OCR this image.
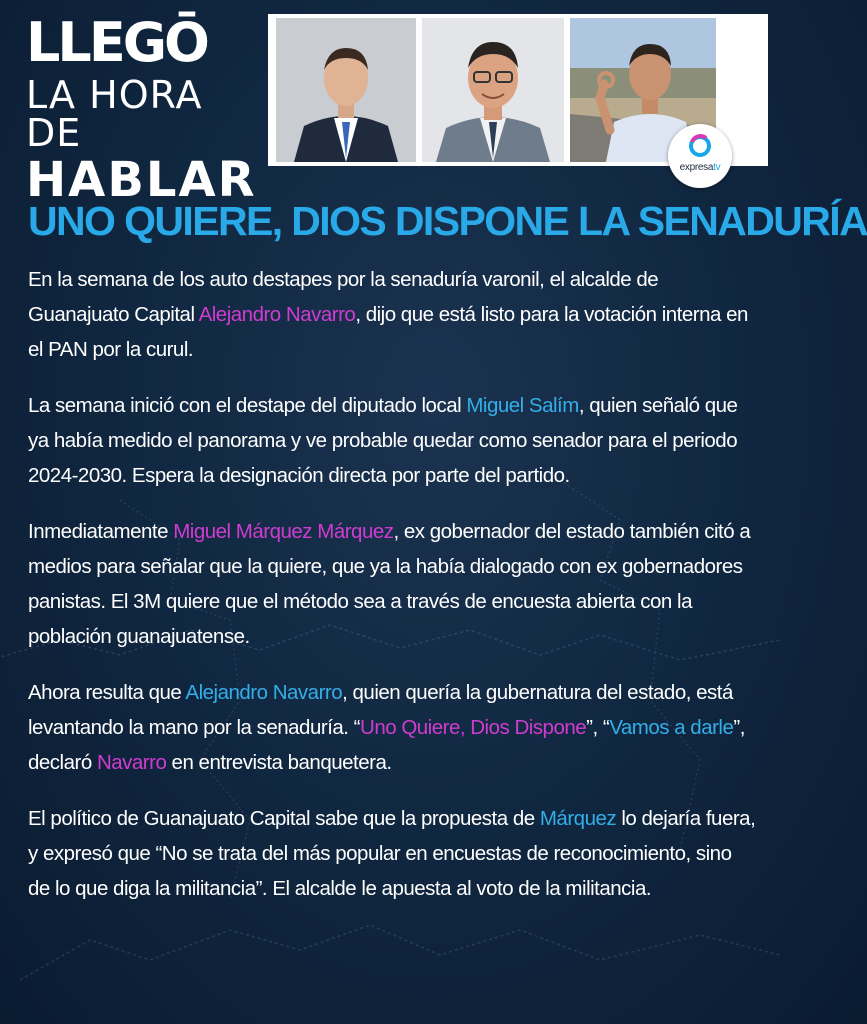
LLEGŌ
LA HORA DE
HABLAR	expresatv
UNO QUIERE, DIOS DISPONE LA SENADURÍA

En la semana de los auto destapes por la senaduría varonil, el alcalde de Guanajuato Capital Alejandro Navarro, dijo que está listo para la votación interna en el PAN por la curul.

La semana inició con el destape del diputado local Miguel Salím, quien señaló que ya había medido el panorama y ve probable quedar como senador para el periodo 2024-2030. Espera la designación directa por parte del partido.

Inmediatamente Miguel Márquez Márquez, ex gobernador del estado también citó a medios para señalar que la quiere, que ya la había dialogado con ex gobernadores panistas. El 3M quiere que el método sea a través de encuesta abierta con la población guanajuatense.

Ahora resulta que Alejandro Navarro, quien quería la gubernatura del estado, está levantando la mano por la senaduría. “Uno Quiere, Dios Dispone”, “Vamos a darle”, declaró Navarro en entrevista banquetera.

El político de Guanajuato Capital sabe que la propuesta de Márquez lo dejaría fuera, y expresó que “No se trata del más popular en encuestas de reconocimiento, sino de lo que diga la militancia”. El alcalde le apuesta al voto de la militancia.
